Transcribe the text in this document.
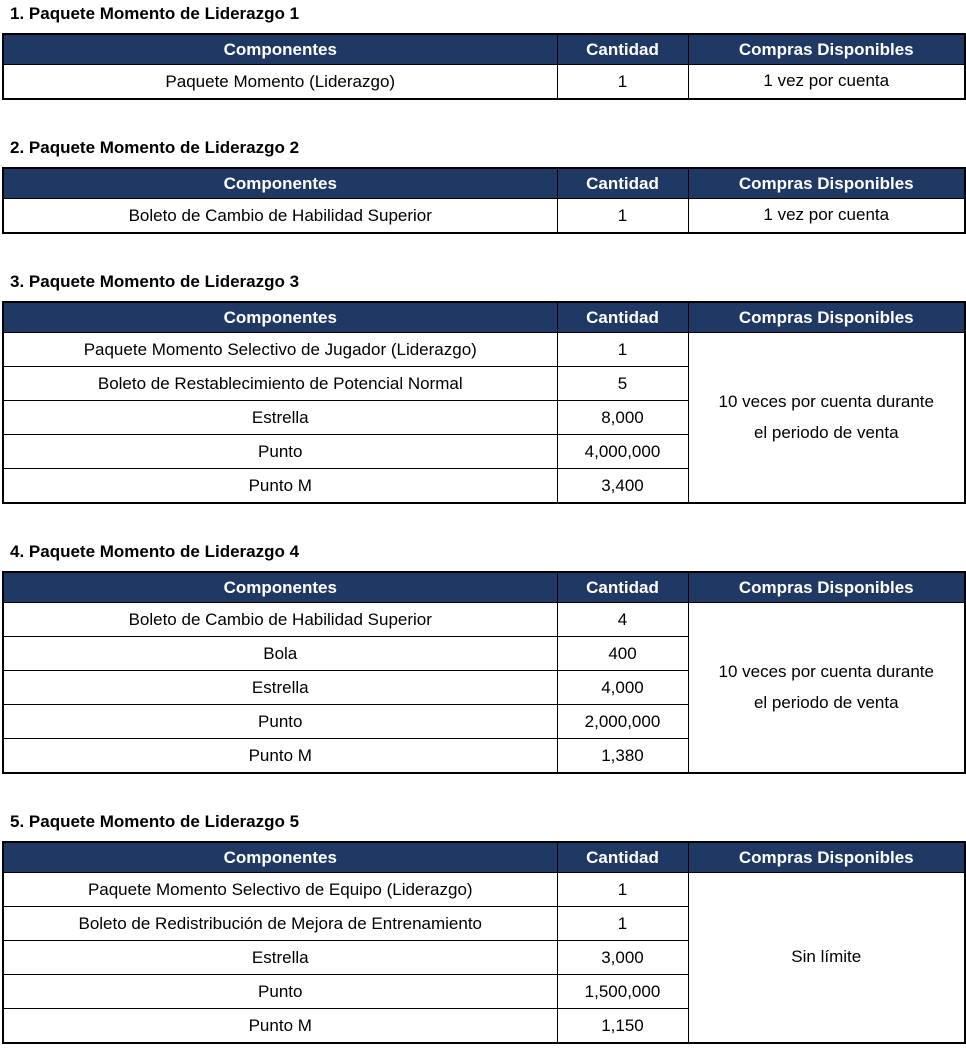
1. Paquete Momento de Liderazgo 1
Componentes	Cantidad	Compras Disponibles
Paquete Momento (Liderazgo)	1	1 vez por cuenta
2. Paquete Momento de Liderazgo 2
Componentes	Cantidad	Compras Disponibles
Boleto de Cambio de Habilidad Superior	1	1 vez por cuenta
3. Paquete Momento de Liderazgo 3
Componentes	Cantidad	Compras Disponibles
Paquete Momento Selectivo de Jugador (Liderazgo)	1	10 veces por cuenta durante el periodo de venta
Boleto de Restablecimiento de Potencial Normal	5	
Estrella	8,000	
Punto	4,000,000	
Punto M	3,400	
4. Paquete Momento de Liderazgo 4
Componentes	Cantidad	Compras Disponibles
Boleto de Cambio de Habilidad Superior	4	10 veces por cuenta durante el periodo de venta
Bola	400	
Estrella	4,000	
Punto	2,000,000	
Punto M	1,380	
5. Paquete Momento de Liderazgo 5
Componentes	Cantidad	Compras Disponibles
Paquete Momento Selectivo de Equipo (Liderazgo)	1	Sin límite
Boleto de Redistribución de Mejora de Entrenamiento	1	
Estrella	3,000	
Punto	1,500,000	
Punto M	1,150	
